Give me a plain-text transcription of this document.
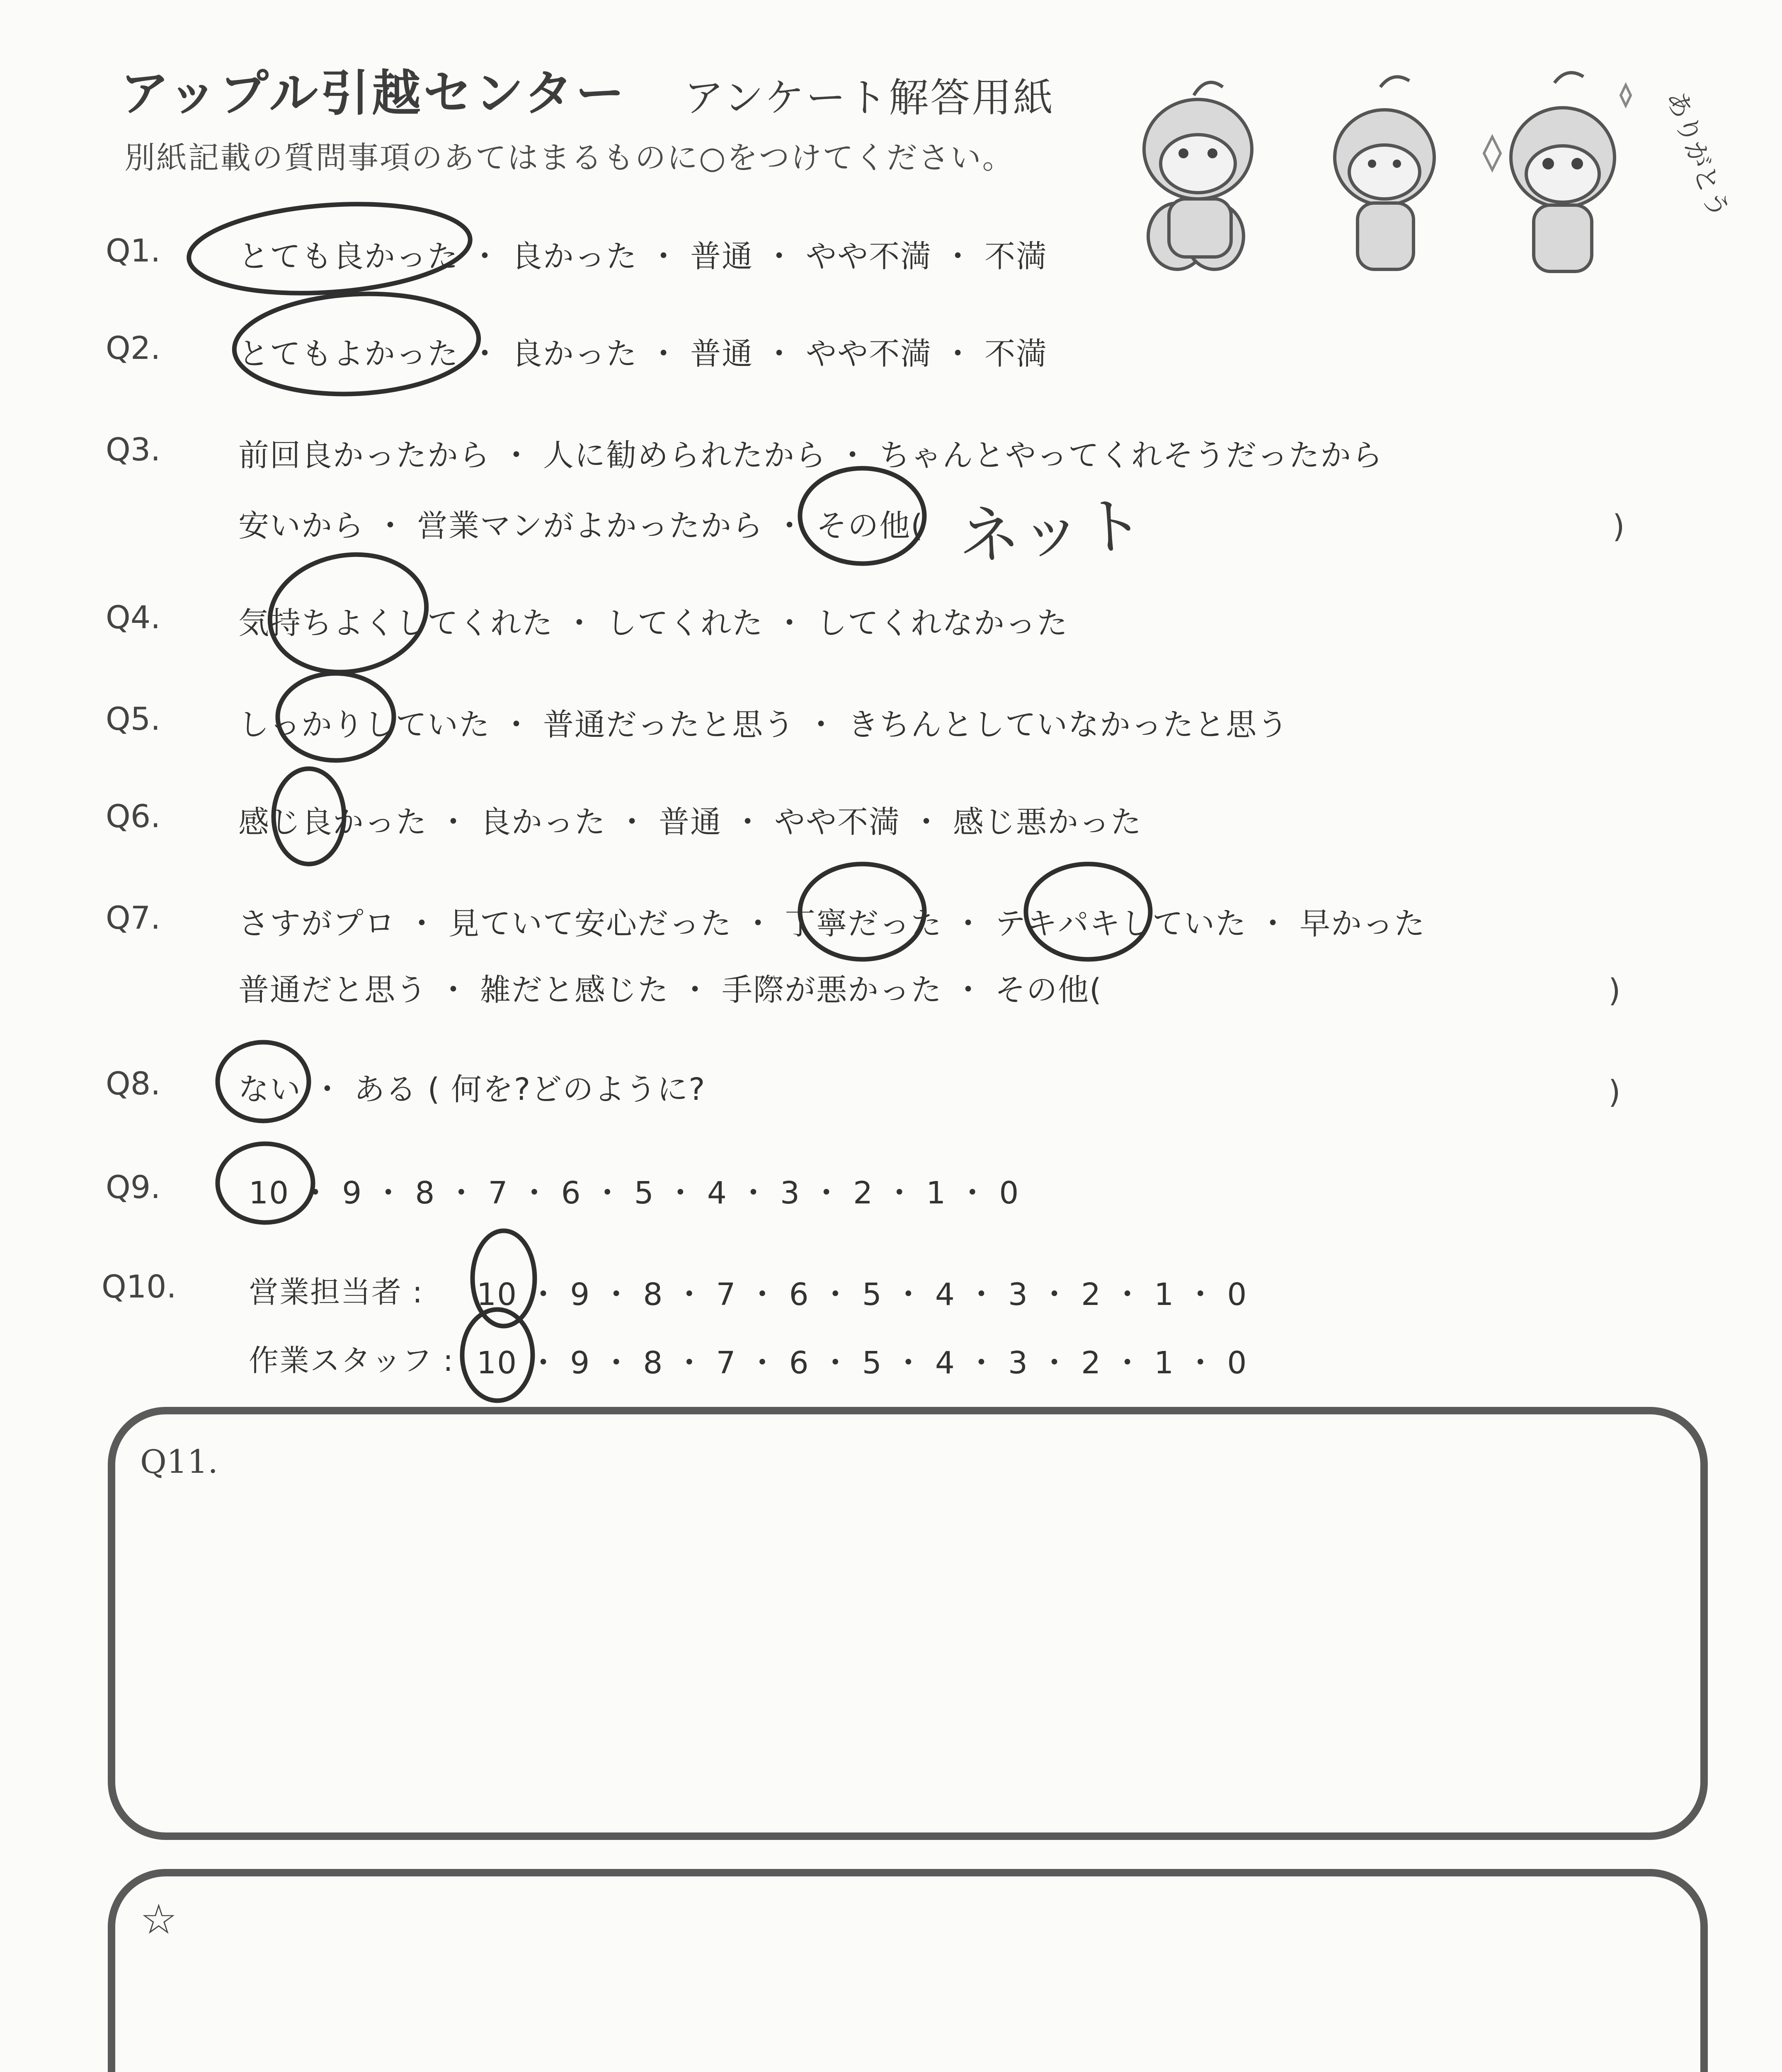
アップル引越センター アンケート解答用紙
別紙記載の質問事項のあてはまるものに○をつけてください。	ありがとう
Q1.	とても良かった ・ 良かった ・ 普通 ・ やや不満 ・ 不満
Q2.	とてもよかった ・ 良かった ・ 普通 ・ やや不満 ・ 不満
Q3.	前回良かったから ・ 人に勧められたから ・ ちゃんとやってくれそうだったから
安いから ・ 営業マンがよかったから ・ その他( ネット	)
Q4.	気持ちよくしてくれた ・ してくれた ・ してくれなかった
Q5.	しっかりしていた ・ 普通だったと思う ・ きちんとしていなかったと思う
Q6.	感じ良かった ・ 良かった ・ 普通 ・ やや不満 ・ 感じ悪かった
Q7.	さすがプロ ・ 見ていて安心だった ・ 丁寧だった ・ テキパキしていた ・ 早かった
普通だと思う ・ 雑だと感じた ・ 手際が悪かった ・ その他(	)
Q8.	ない ・ ある ( 何を?どのように?	)
Q9.	10 ・ 9 ・ 8 ・ 7 ・ 6 ・ 5 ・ 4 ・ 3 ・ 2 ・ 1 ・ 0
Q10. 営業担当者 : 10 ・ 9 ・ 8 ・ 7 ・ 6 ・ 5 ・ 4 ・ 3 ・ 2 ・ 1 ・ 0
作業スタッフ : 10 ・ 9 ・ 8 ・ 7 ・ 6 ・ 5 ・ 4 ・ 3 ・ 2 ・ 1 ・ 0
Q11.
☆
